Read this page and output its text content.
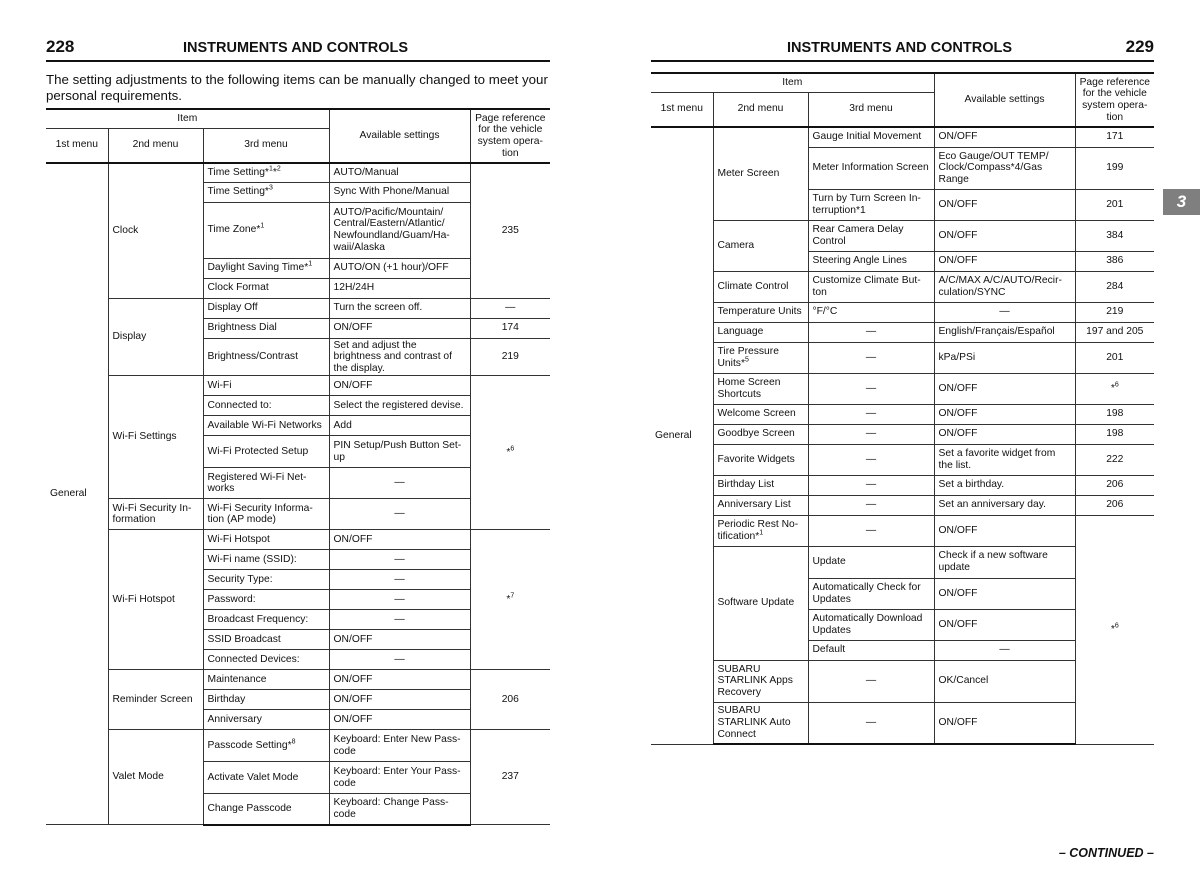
228	INSTRUMENTS AND CONTROLS
The setting adjustments to the following items can be manually changed to meet your personal requirements.
Item			Available settings	Page reference for the vehicle system opera-tion
1st menu	2nd menu	3rd menu		
General	Clock	Time Setting*$^1$*$^2$	AUTO/Manual	235
		Time Setting*$^3$	Sync With Phone/Manual	
		Time Zone*$^1$	AUTO/Pacific/Mountain/ Central/Eastern/Atlantic/ Newfoundland/Guam/Ha-waii/Alaska	
		Daylight Saving Time*$^1$	AUTO/ON (+1 hour)/OFF	
		Clock Format	12H/24H	
	Display	Display Off	Turn the screen off.	—
		Brightness Dial	ON/OFF	174
		Brightness/Contrast	Set and adjust the brightness and contrast of the display.	219
	Wi-Fi Settings	Wi-Fi	ON/OFF	*$^6$
		Connected to:	Select the registered devise.	
		Available Wi-Fi Networks	Add	
		Wi-Fi Protected Setup	PIN Setup/Push Button Set-up	
		Registered Wi-Fi Net-works	—	
	Wi-Fi Security In-formation	Wi-Fi Security Informa-tion (AP mode)	—	
	Wi-Fi Hotspot	Wi-Fi Hotspot	ON/OFF	*$^7$
		Wi-Fi name (SSID):	—	
		Security Type:	—	
		Password:	—	
		Broadcast Frequency:	—	
		SSID Broadcast	ON/OFF	
		Connected Devices:	—	
	Reminder Screen	Maintenance	ON/OFF	206
		Birthday	ON/OFF	
		Anniversary	ON/OFF	
	Valet Mode	Passcode Setting*$^8$	Keyboard: Enter New Pass-code	237
		Activate Valet Mode	Keyboard: Enter Your Pass-code	
		Change Passcode	Keyboard: Change Pass-code	
INSTRUMENTS AND CONTROLS	229
Item			Available settings	Page reference for the vehicle system opera-tion
1st menu	2nd menu	3rd menu		
General	Meter Screen	Gauge Initial Movement	ON/OFF	171
		Meter Information Screen	Eco Gauge/OUT TEMP/ Clock/Compass*4/Gas Range	199
		Turn by Turn Screen In-terruption*1	ON/OFF	201
	Camera	Rear Camera Delay Control	ON/OFF	384
		Steering Angle Lines	ON/OFF	386
	Climate Control	Customize Climate But-ton	A/C/MAX A/C/AUTO/Recir-culation/SYNC	284
	Temperature Units	°F/°C	—	219
	Language	—	English/Français/Español	197 and 205
	Tire Pressure Units*$^5$	—	kPa/PSi	201
	Home Screen Shortcuts	—	ON/OFF	*$^6$
	Welcome Screen	—	ON/OFF	198
	Goodbye Screen	—	ON/OFF	198
	Favorite Widgets	—	Set a favorite widget from the list.	222
	Birthday List	—	Set a birthday.	206
	Anniversary List	—	Set an anniversary day.	206
	Periodic Rest No-tification*$^1$	—	ON/OFF	*$^6$
	Software Update	Update	Check if a new software update	
		Automatically Check for Updates	ON/OFF	
		Automatically Download Updates	ON/OFF	
		Default	—	
	SUBARU STARLINK Apps Recovery	—	OK/Cancel	
	SUBARU STARLINK Auto Connect	—	ON/OFF	
3
– CONTINUED –
